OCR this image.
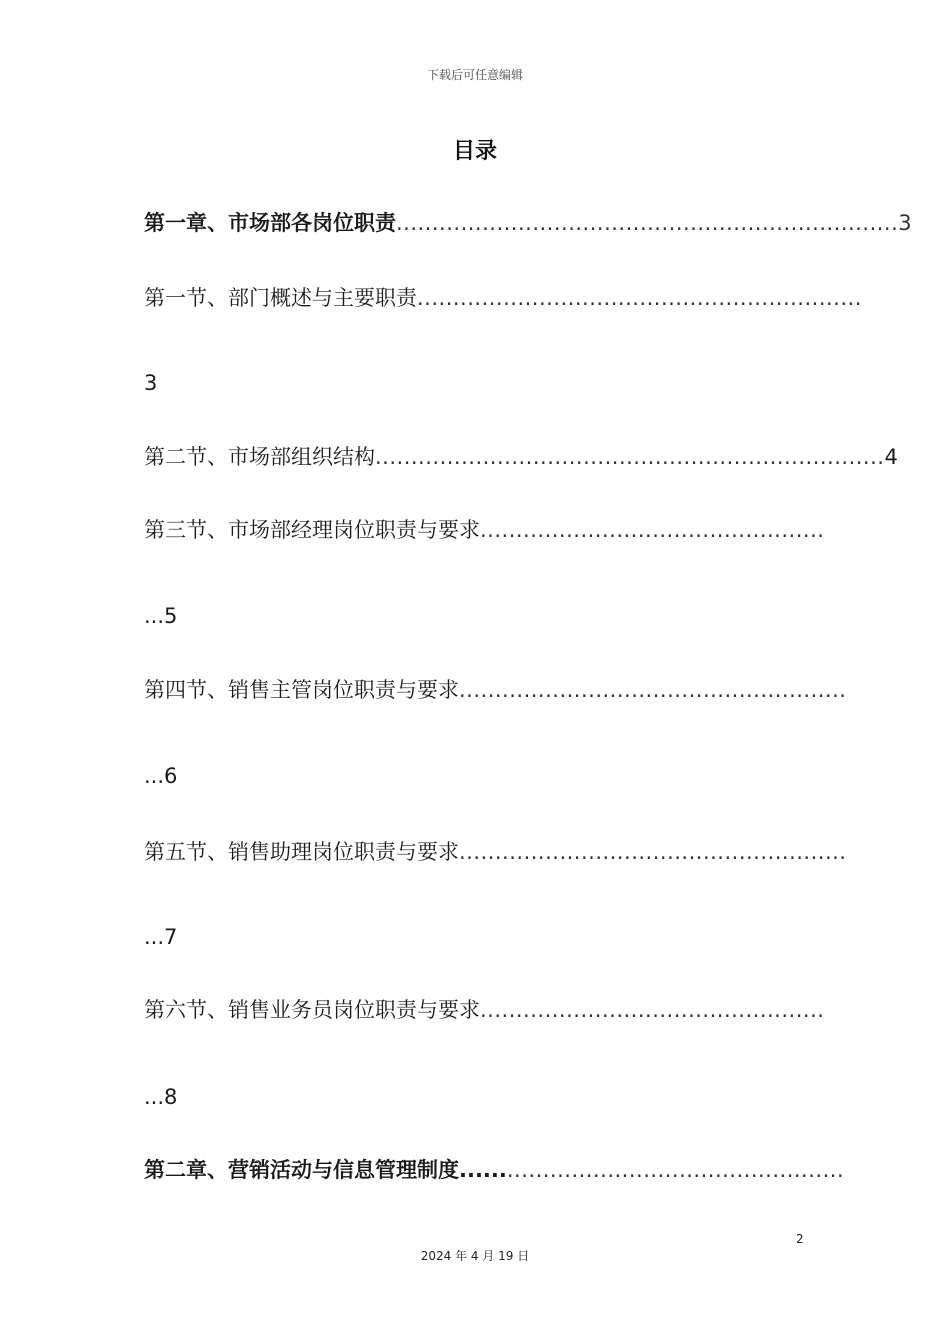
下载后可任意编辑
目录
第一章、市场部各岗位职责......................................................................3
第一节、部门概述与主要职责..............................................................
3
第二节、市场部组织结构.......................................................................4
第三节、市场部经理岗位职责与要求................................................
...5
第四节、销售主管岗位职责与要求......................................................
...6
第五节、销售助理岗位职责与要求......................................................
...7
第六节、销售业务员岗位职责与要求................................................
...8
第二章、营销活动与信息管理制度.....................................................
2
2024 年 4 月 19 日
